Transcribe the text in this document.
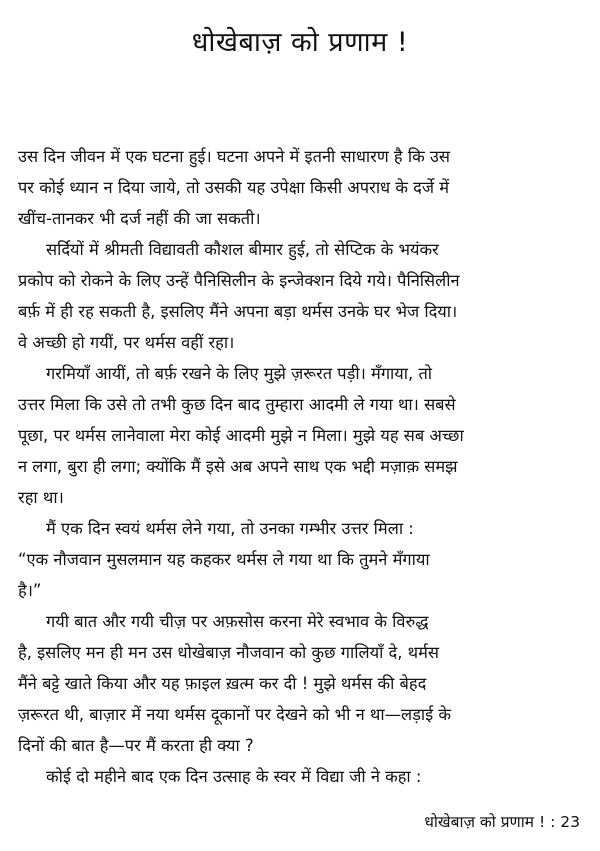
धोखेबाज़ को प्रणाम !
उस दिन जीवन में एक घटना हुई। घटना अपने में इतनी साधारण है कि उस
पर कोई ध्यान न दिया जाये, तो उसकी यह उपेक्षा किसी अपराध के दर्जे में
खींच-तानकर भी दर्ज नहीं की जा सकती।
सर्दियों में श्रीमती विद्यावती कौशल बीमार हुई, तो सेप्टिक के भयंकर
प्रकोप को रोकने के लिए उन्हें पैनिसिलीन के इन्जेक्शन दिये गये। पैनिसिलीन
बर्फ़ में ही रह सकती है, इसलिए मैंने अपना बड़ा थर्मस उनके घर भेज दिया।
वे अच्छी हो गयीं, पर थर्मस वहीं रहा।
गरमियाँ आयीं, तो बर्फ़ रखने के लिए मुझे ज़रूरत पड़ी। मँगाया, तो
उत्तर मिला कि उसे तो तभी कुछ दिन बाद तुम्हारा आदमी ले गया था। सबसे
पूछा, पर थर्मस लानेवाला मेरा कोई आदमी मुझे न मिला। मुझे यह सब अच्छा
न लगा, बुरा ही लगा; क्योंकि मैं इसे अब अपने साथ एक भद्दी मज़ाक़ समझ
रहा था।
मैं एक दिन स्वयं थर्मस लेने गया, तो उनका गम्भीर उत्तर मिला :
“एक नौजवान मुसलमान यह कहकर थर्मस ले गया था कि तुमने मँगाया
है।”
गयी बात और गयी चीज़ पर अफ़सोस करना मेरे स्वभाव के विरुद्ध
है, इसलिए मन ही मन उस धोखेबाज़ नौजवान को कुछ गालियाँ दे, थर्मस
मैंने बट्टे खाते किया और यह फ़ाइल ख़त्म कर दी ! मुझे थर्मस की बेहद
ज़रूरत थी, बाज़ार में नया थर्मस दूकानों पर देखने को भी न था—लड़ाई के
दिनों की बात है—पर मैं करता ही क्या ?
कोई दो महीने बाद एक दिन उत्साह के स्वर में विद्या जी ने कहा :
धोखेबाज़ को प्रणाम ! : 23
